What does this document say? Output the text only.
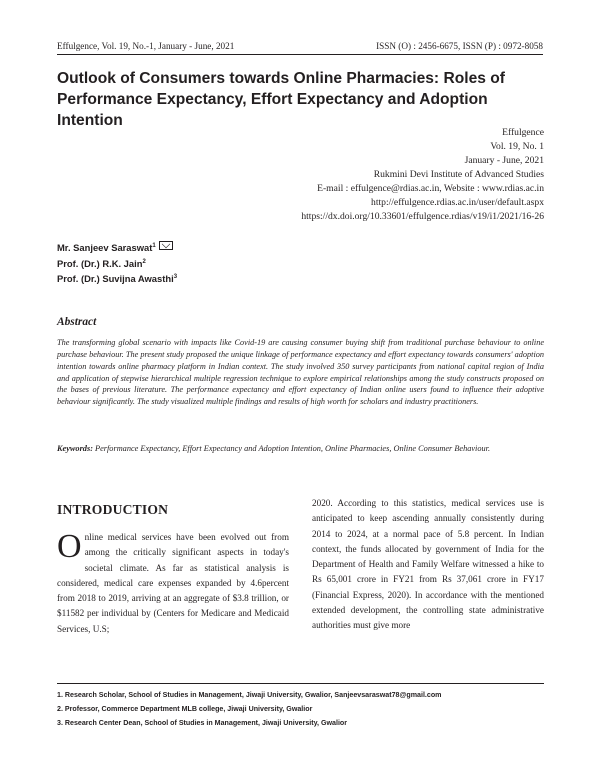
Effulgence, Vol. 19, No.-1, January - June, 2021	ISSN (O) : 2456-6675, ISSN (P) : 0972-8058
Outlook of Consumers towards Online Pharmacies: Roles of Performance Expectancy, Effort Expectancy and Adoption Intention
Effulgence
Vol. 19, No. 1
January - June, 2021
Rukmini Devi Institute of Advanced Studies
E-mail : effulgence@rdias.ac.in, Website : www.rdias.ac.in
http://effulgence.rdias.ac.in/user/default.aspx
https://dx.doi.org/10.33601/effulgence.rdias/v19/i1/2021/16-26
Mr. Sanjeev Saraswat$^1$
Prof. (Dr.) R.K. Jain$^2$
Prof. (Dr.) Suvijna Awasthi$^3$
Abstract

The transforming global scenario with impacts like Covid-19 are causing consumer buying shift from traditional purchase behaviour to online purchase behaviour. The present study proposed the unique linkage of performance expectancy and effort expectancy towards consumers' adoption intention towards online pharmacy platform in Indian context. The study involved 350 survey participants from national capital region of India and application of stepwise hierarchical multiple regression technique to explore empirical relationships among the study constructs proposed on the bases of previous literature. The performance expectancy and effort expectancy of Indian online users found to influence their adoptive behaviour significantly. The study visualized multiple findings and results of high worth for scholars and industry practitioners.

Keywords: Performance Expectancy, Effort Expectancy and Adoption Intention, Online Pharmacies, Online Consumer Behaviour.

INTRODUCTION

Online medical services have been evolved out from among the critically significant aspects in today's societal climate. As far as statistical analysis is considered, medical care expenses expanded by 4.6percent from 2018 to 2019, arriving at an aggregate of $3.8 trillion, or $11582 per individual by (Centers for Medicare and Medicaid Services, U.S;

2020. According to this statistics, medical services use is anticipated to keep ascending annually consistently during 2014 to 2024, at a normal pace of 5.8 percent. In Indian context, the funds allocated by government of India for the Department of Health and Family Welfare witnessed a hike to Rs 65,001 crore in FY21 from Rs 37,061 crore in FY17 (Financial Express, 2020). In accordance with the mentioned extended development, the controlling state administrative authorities must give more

1. Research Scholar, School of Studies in Management, Jiwaji University, Gwalior, Sanjeevsaraswat78@gmail.com
2. Professor, Commerce Department MLB college, Jiwaji University, Gwalior
3. Research Center Dean, School of Studies in Management, Jiwaji University, Gwalior
